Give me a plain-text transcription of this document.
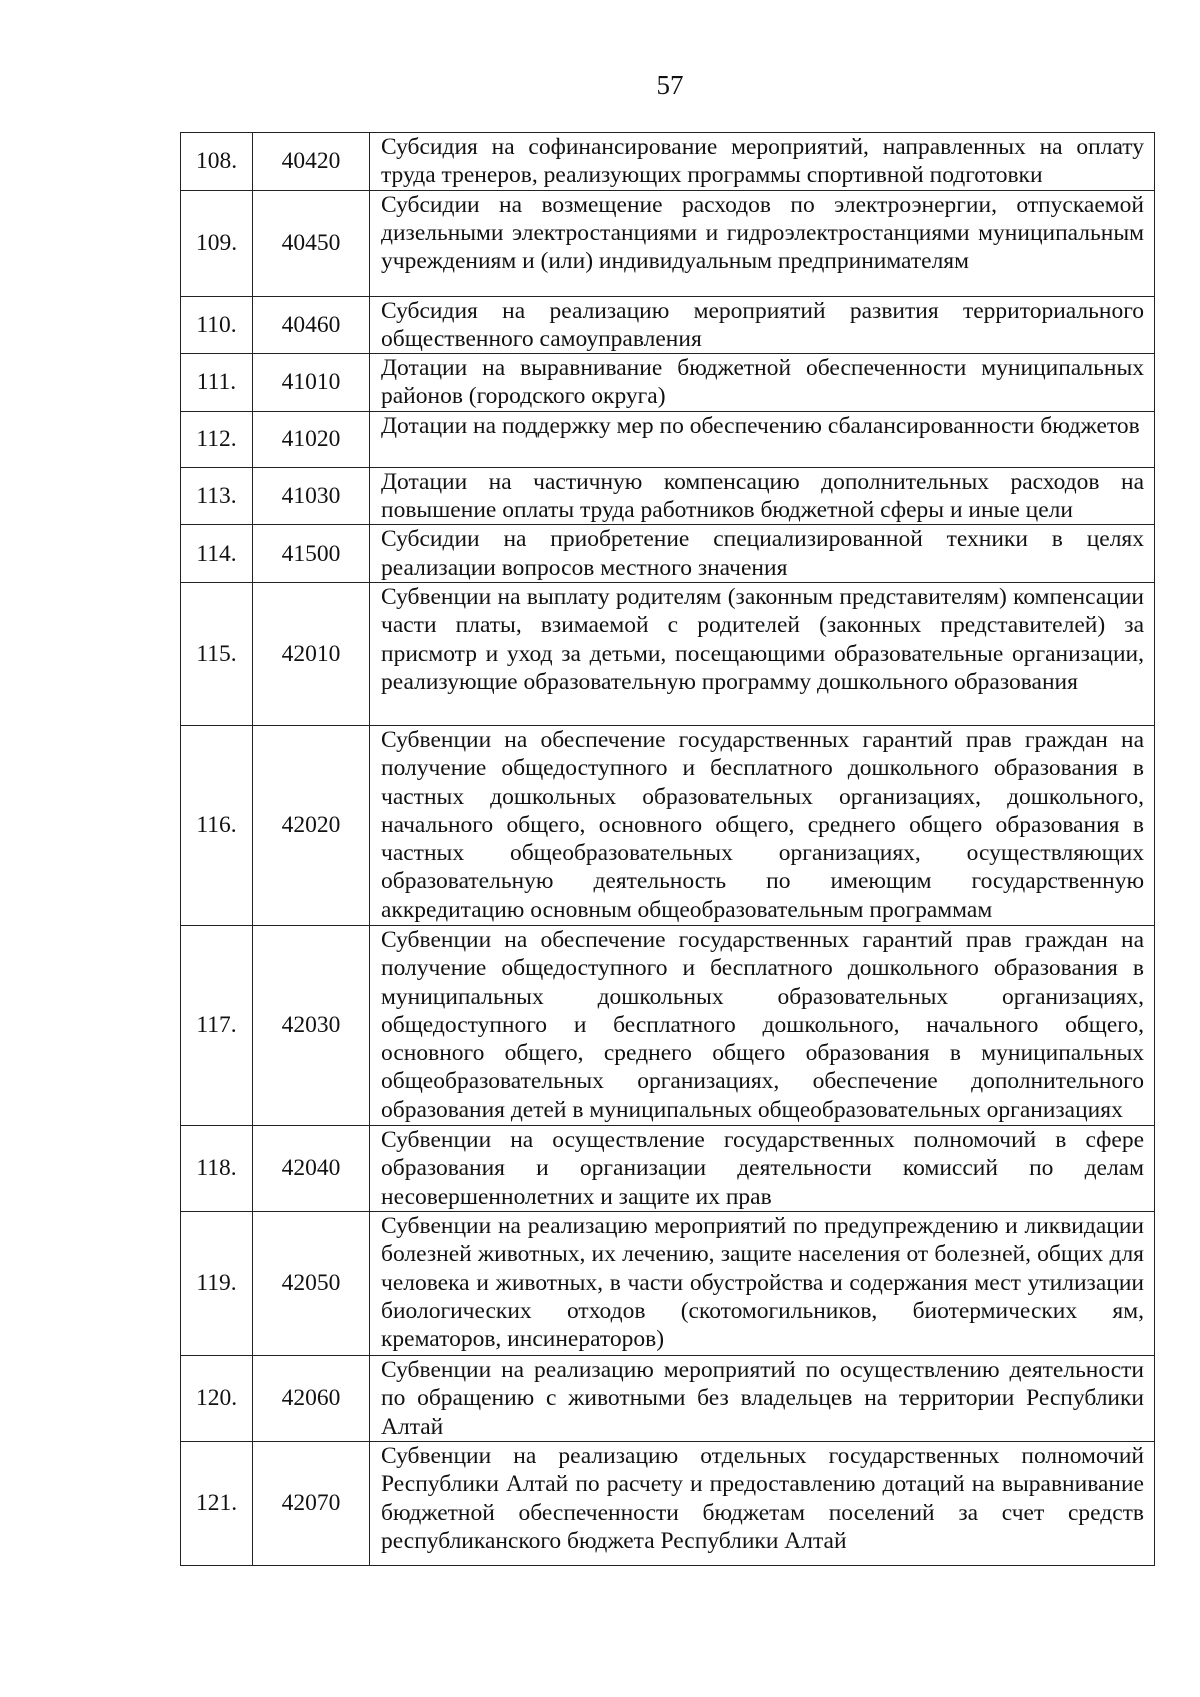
57
108.	40420	Субсидия на софинансирование мероприятий, направленных на оплату труда тренеров, реализующих программы спортивной подготовки
109.	40450	Субсидии на возмещение расходов по электроэнергии, отпускаемой дизельными электростанциями и гидроэлектростанциями муниципальным учреждениям и (или) индивидуальным предпринимателям
110.	40460	Субсидия на реализацию мероприятий развития территориального общественного самоуправления
111.	41010	Дотации на выравнивание бюджетной обеспеченности муниципальных районов (городского округа)
112.	41020	Дотации на поддержку мер по обеспечению сбалансированности бюджетов
113.	41030	Дотации на частичную компенсацию дополнительных расходов на повышение оплаты труда работников бюджетной сферы и иные цели
114.	41500	Субсидии на приобретение специализированной техники в целях реализации вопросов местного значения
115.	42010	Субвенции на выплату родителям (законным представителям) компенсации части платы, взимаемой с родителей (законных представителей) за присмотр и уход за детьми, посещающими образовательные организации, реализующие образовательную программу дошкольного образования
116.	42020	Субвенции на обеспечение государственных гарантий прав граждан на получение общедоступного и бесплатного дошкольного образования в частных дошкольных образовательных организациях, дошкольного, начального общего, основного общего, среднего общего образования в частных общеобразовательных организациях, осуществляющих образовательную деятельность по имеющим государственную аккредитацию основным общеобразовательным программам
117.	42030	Субвенции на обеспечение государственных гарантий прав граждан на получение общедоступного и бесплатного дошкольного образования в муниципальных дошкольных образовательных организациях, общедоступного и бесплатного дошкольного, начального общего, основного общего, среднего общего образования в муниципальных общеобразовательных организациях, обеспечение дополнительного образования детей в муниципальных общеобразовательных организациях
118.	42040	Субвенции на осуществление государственных полномочий в сфере образования и организации деятельности комиссий по делам несовершеннолетних и защите их прав
119.	42050	Субвенции на реализацию мероприятий по предупреждению и ликвидации болезней животных, их лечению, защите населения от болезней, общих для человека и животных, в части обустройства и содержания мест утилизации биологических отходов (скотомогильников, биотермических ям, крематоров, инсинераторов)
120.	42060	Субвенции на реализацию мероприятий по осуществлению деятельности по обращению с животными без владельцев на территории Республики Алтай
121.	42070	Субвенции на реализацию отдельных государственных полномочий Республики Алтай по расчету и предоставлению дотаций на выравнивание бюджетной обеспеченности бюджетам поселений за счет средств республиканского бюджета Республики Алтай
